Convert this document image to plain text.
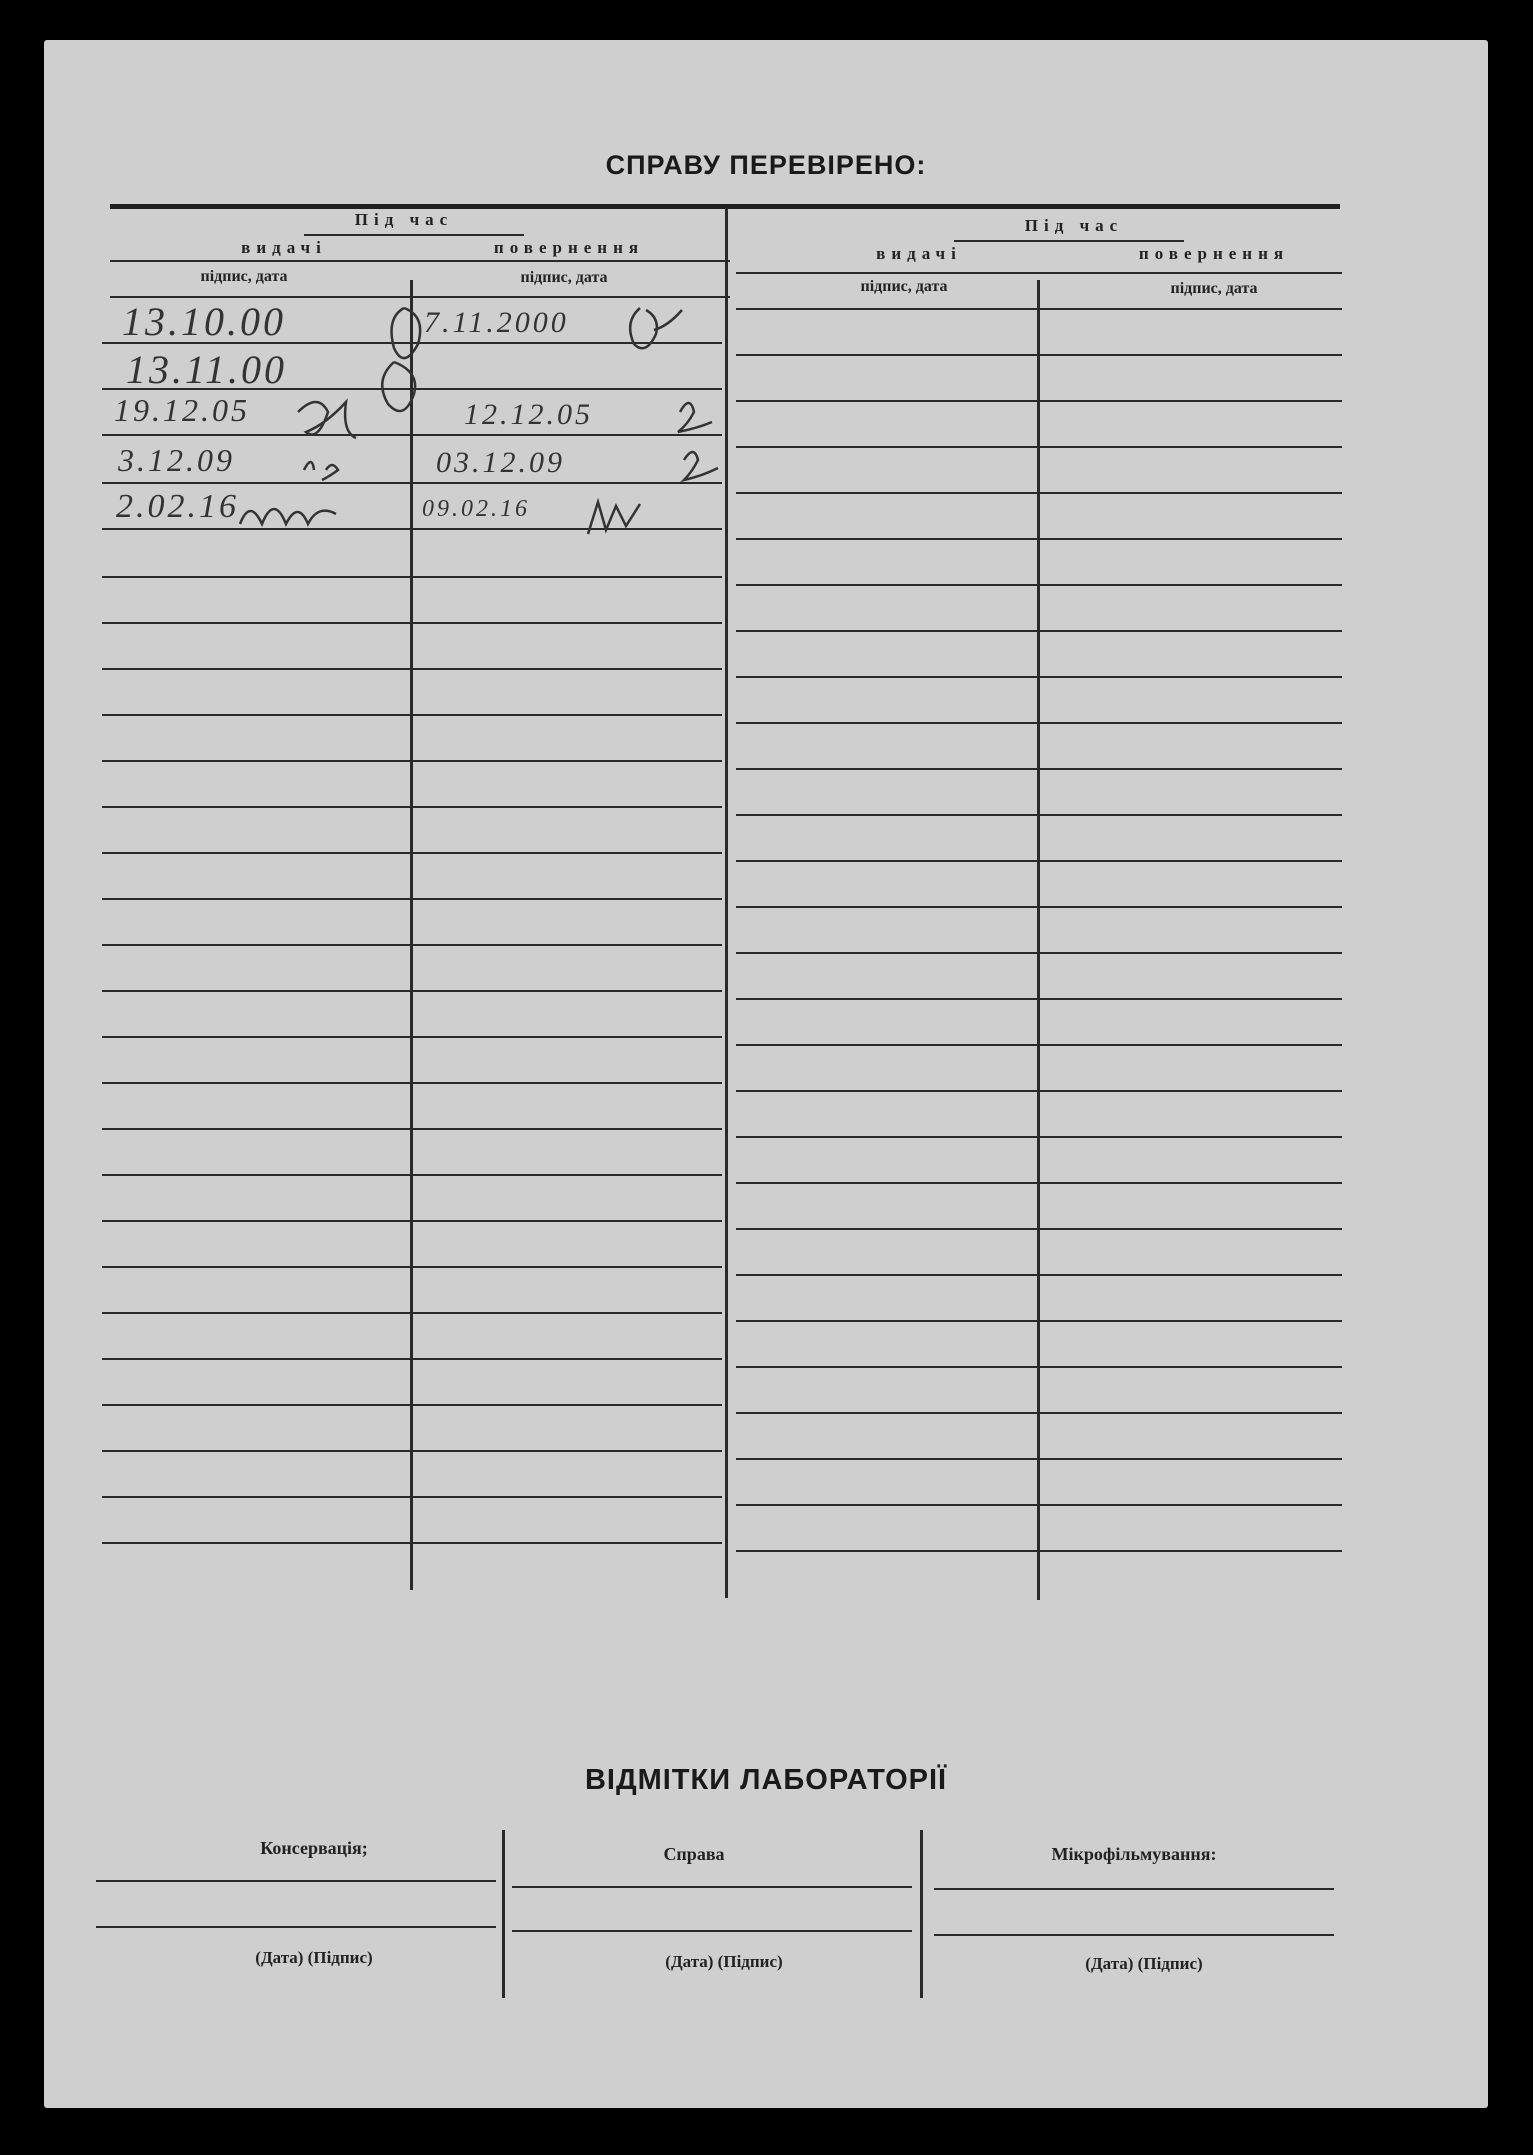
СПРАВУ ПЕРЕВІРЕНО:
Під час
видачі	повернення
підпис, дата	підпис, дата
Під час
видачі	повернення
підпис, дата	підпис, дата
13.10.00	7.11.2000
13.11.00
19.12.05	12.12.05
3.12.09	03.12.09
2.02.16	09.02.16
ВІДМІТКИ ЛАБОРАТОРІЇ
Консервація;	Справа	Мікрофільмування:
(Дата) (Підпис)	(Дата) (Підпис)	(Дата) (Підпис)
